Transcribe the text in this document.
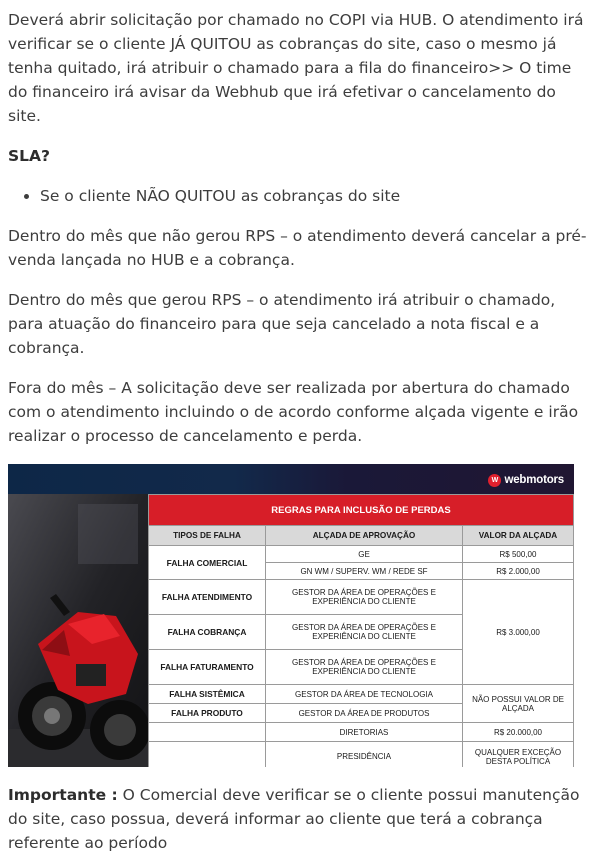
Deverá abrir solicitação por chamado no COPI via HUB. O atendimento irá verificar se o cliente JÁ QUITOU as cobranças do site, caso o mesmo já tenha quitado, irá atribuir o chamado para a fila do financeiro>> O time do financeiro irá avisar da Webhub que irá efetivar o cancelamento do site.

SLA?

• Se o cliente NÃO QUITOU as cobranças do site

Dentro do mês que não gerou RPS – o atendimento deverá cancelar a pré-venda lançada no HUB e a cobrança.

Dentro do mês que gerou RPS – o atendimento irá atribuir o chamado, para atuação do financeiro para que seja cancelado a nota fiscal e a cobrança.

Fora do mês – A solicitação deve ser realizada por abertura do chamado com o atendimento incluindo o de acordo conforme alçada vigente e irão realizar o processo de cancelamento e perda.

W webmotors
REGRAS PARA INCLUSÃO DE PERDAS		
TIPOS DE FALHA	ALÇADA DE APROVAÇÃO	VALOR DA ALÇADA
FALHA COMERCIAL	GE	R$ 500,00
	GN WM / SUPERV. WM / REDE SF	R$ 2.000,00
FALHA ATENDIMENTO	GESTOR DA ÁREA DE OPERAÇÕES E EXPERIÊNCIA DO CLIENTE	R$ 3.000,00
FALHA COBRANÇA	GESTOR DA ÁREA DE OPERAÇÕES E EXPERIÊNCIA DO CLIENTE	
FALHA FATURAMENTO	GESTOR DA ÁREA DE OPERAÇÕES E EXPERIÊNCIA DO CLIENTE	
FALHA SISTÊMICA	GESTOR DA ÁREA DE TECNOLOGIA	NÃO POSSUI VALOR DE ALÇADA
FALHA PRODUTO	GESTOR DA ÁREA DE PRODUTOS	
	DIRETORIAS	R$ 20.000,00
	PRESIDÊNCIA	QUALQUER EXCEÇÃO DESTA POLÍTICA

Importante : O Comercial deve verificar se o cliente possui manutenção do site, caso possua, deverá informar ao cliente que terá a cobrança referente ao período
